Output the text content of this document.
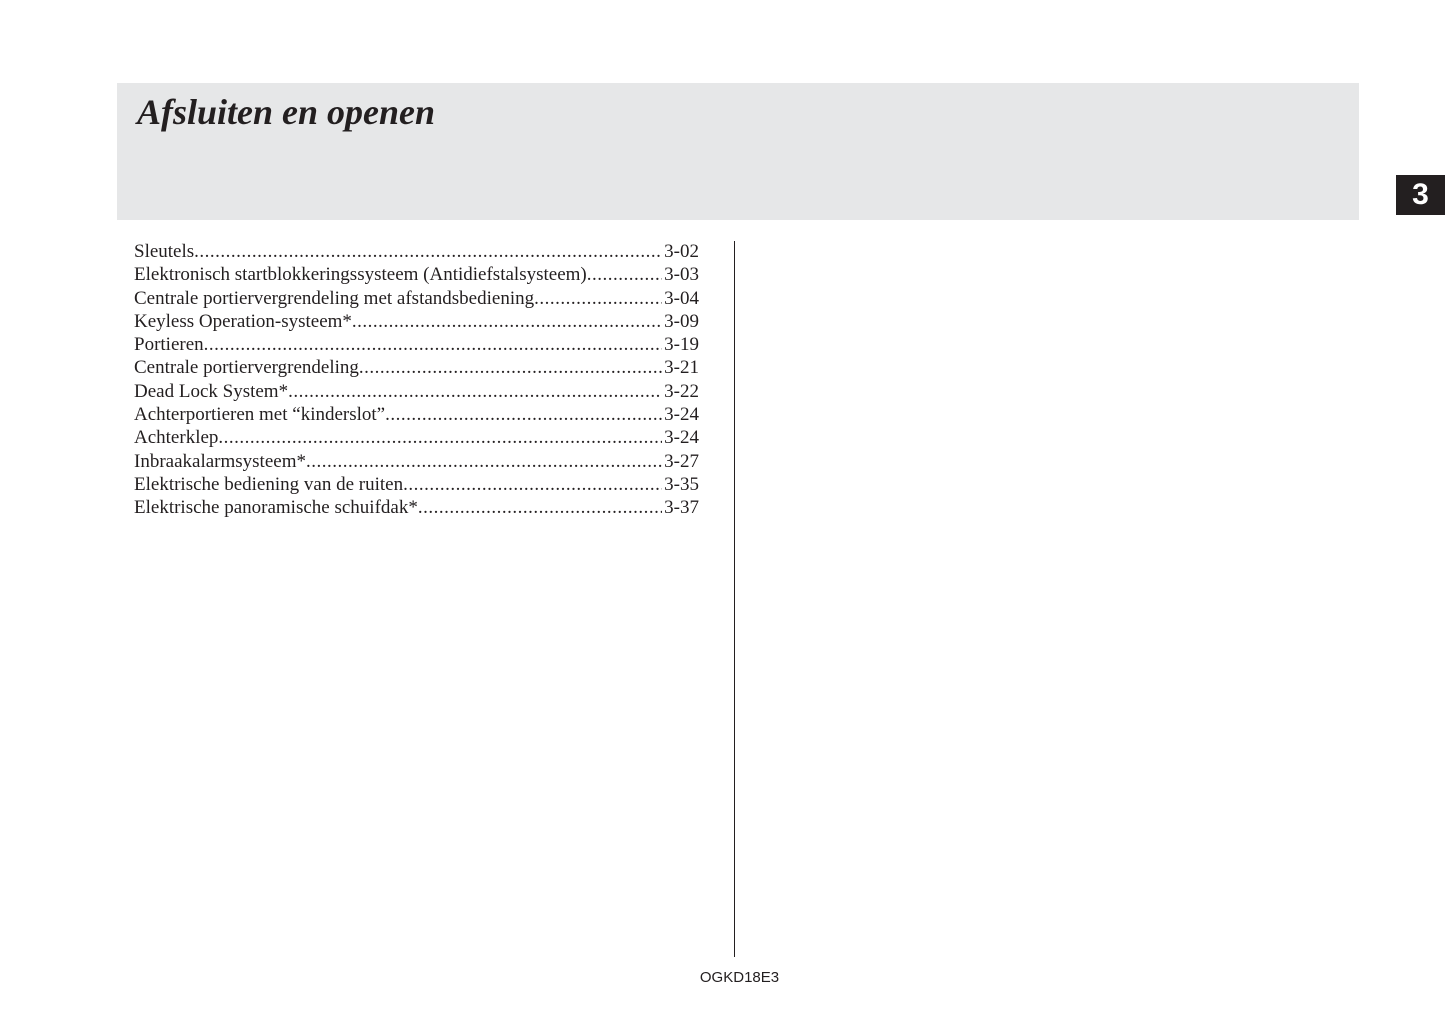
Afsluiten en openen
3
Sleutels .....	3-02
Elektronisch startblokkeringssysteem (Antidiefstalsysteem) .....	3-03
Centrale portiervergrendeling met afstandsbediening .....	3-04
Keyless Operation-systeem* .....	3-09
Portieren .....	3-19
Centrale portiervergrendeling .....	3-21
Dead Lock System* .....	3-22
Achterportieren met “kinderslot” .....	3-24
Achterklep .....	3-24
Inbraakalarmsysteem* .....	3-27
Elektrische bediening van de ruiten .....	3-35
Elektrische panoramische schuifdak* .....	3-37
OGKD18E3
